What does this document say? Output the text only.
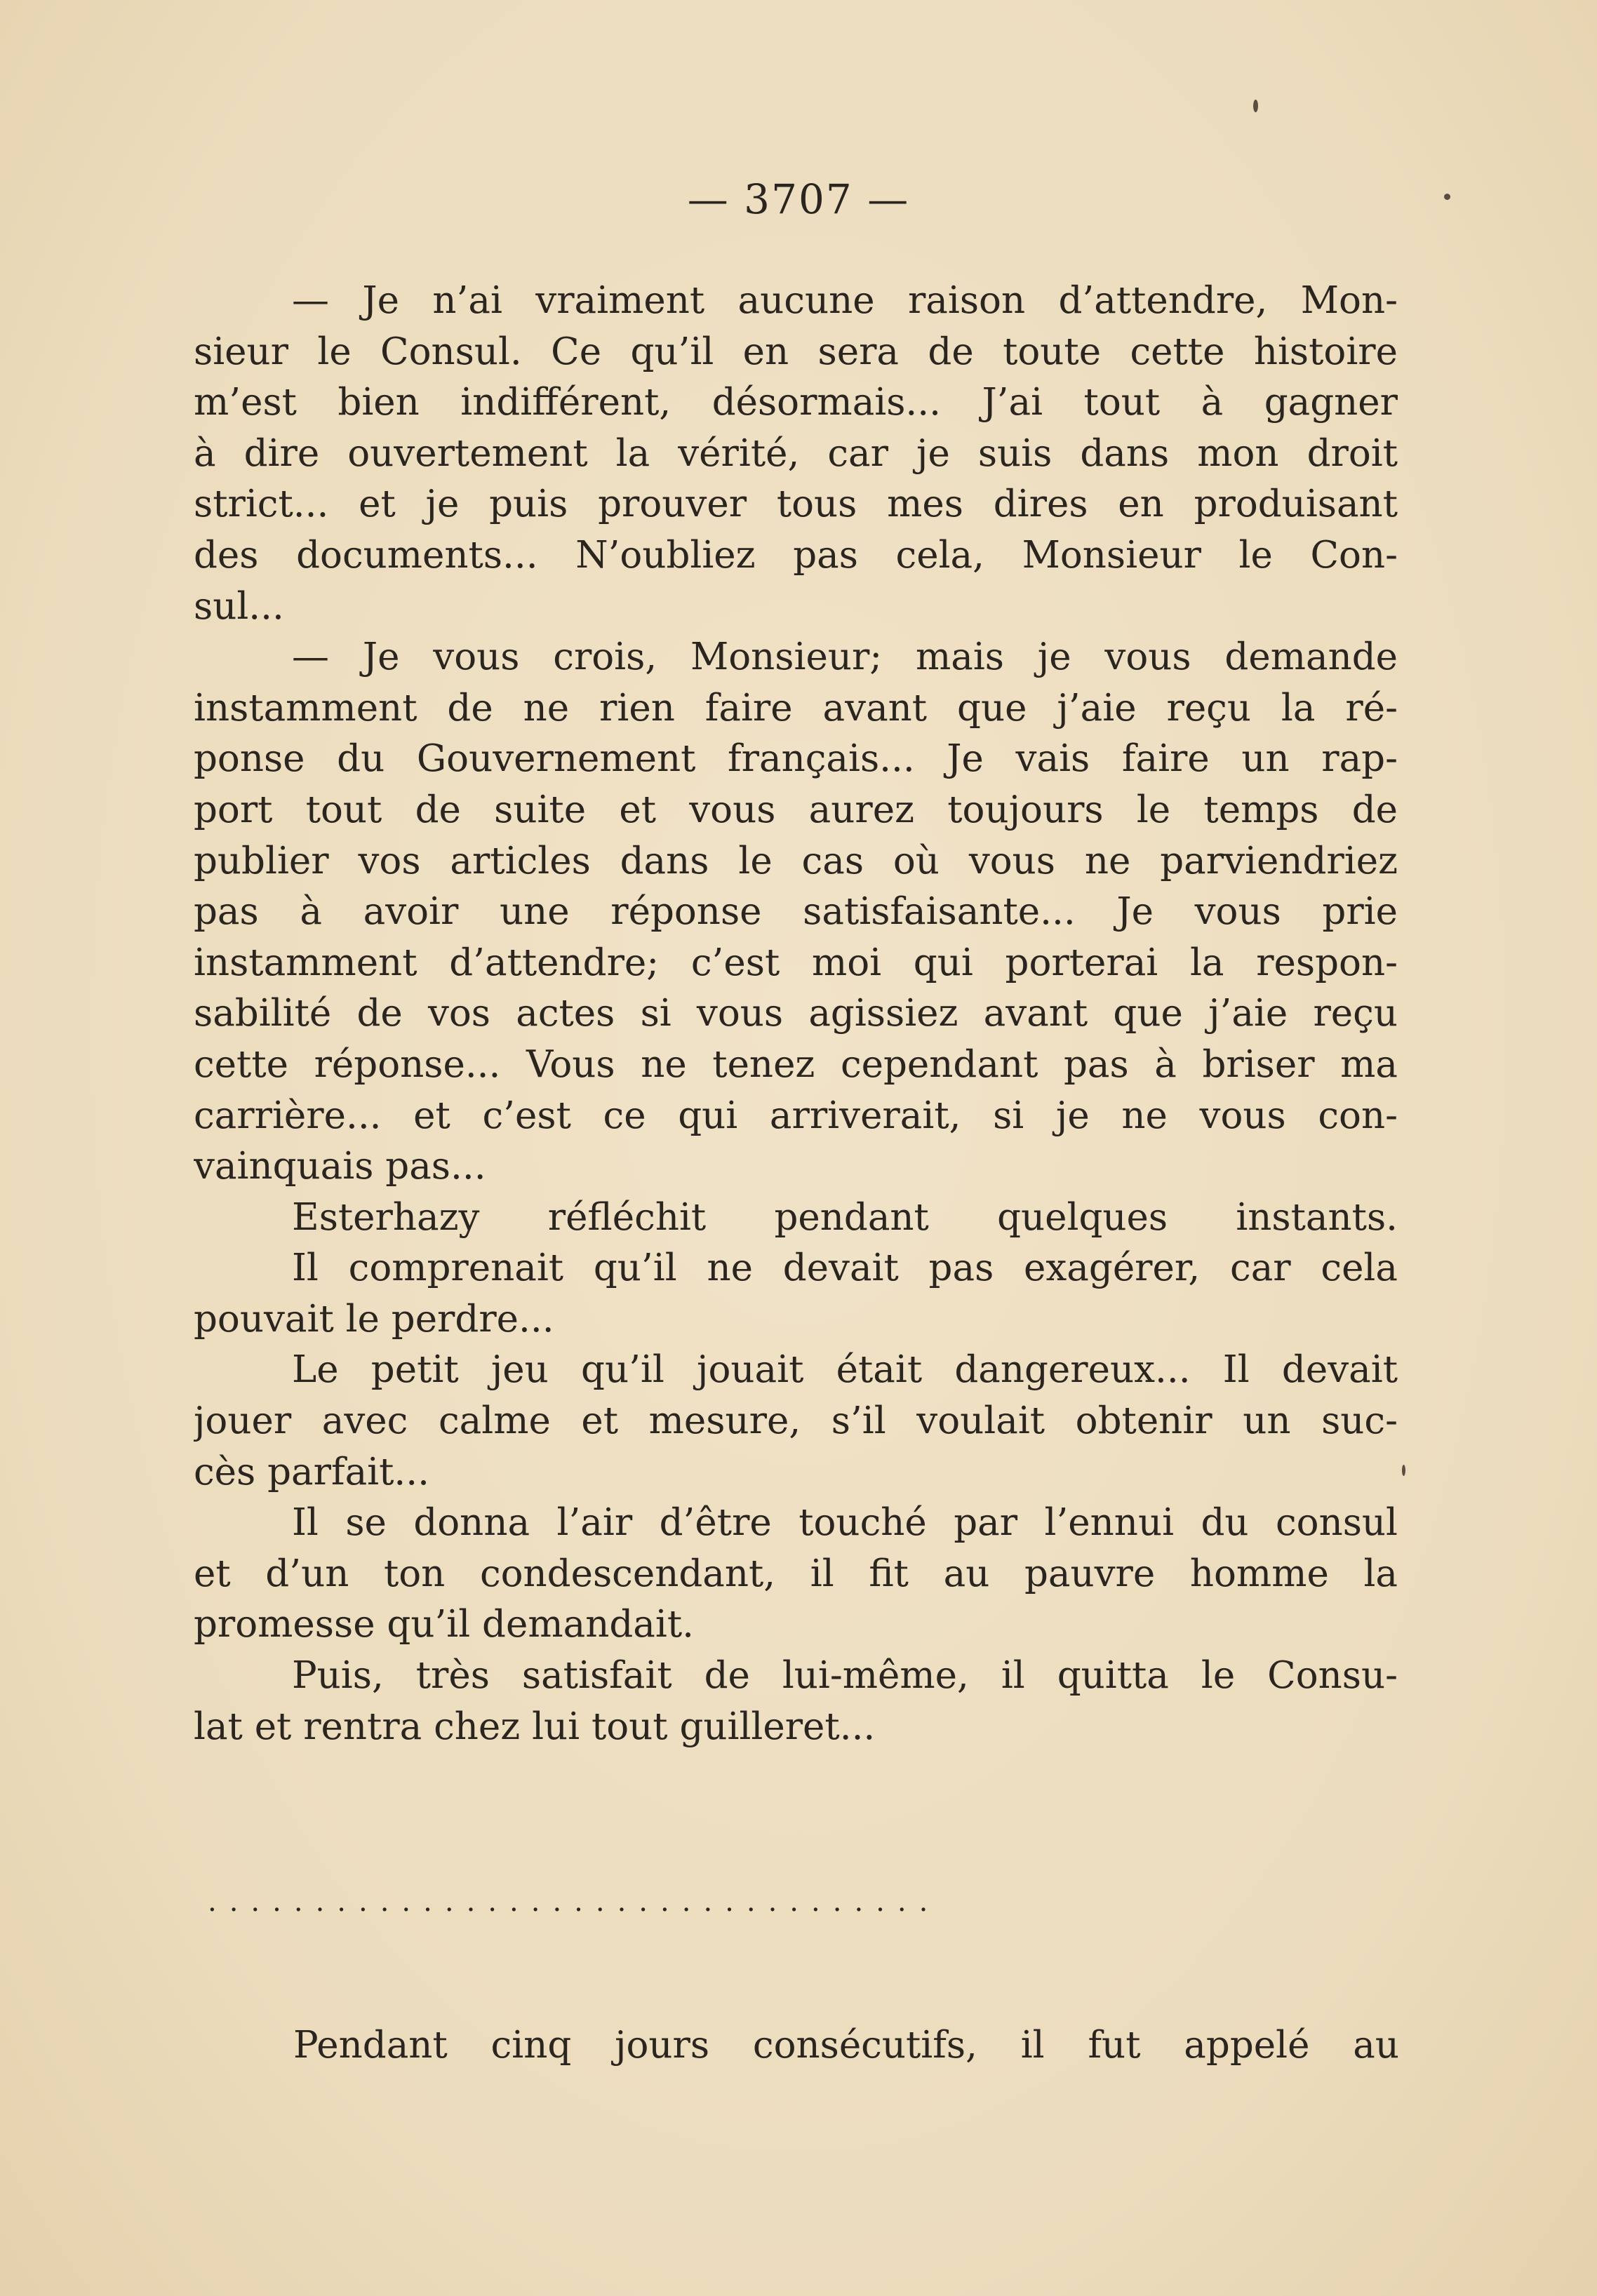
— 3707 —
— Je n’ai vraiment aucune raison d’attendre, Mon-
sieur le Consul. Ce qu’il en sera de toute cette histoire
m’est bien indifférent, désormais... J’ai tout à gagner
à dire ouvertement la vérité, car je suis dans mon droit
strict... et je puis prouver tous mes dires en produisant
des documents... N’oubliez pas cela, Monsieur le Con-
sul...
— Je vous crois, Monsieur; mais je vous demande
instamment de ne rien faire avant que j’aie reçu la ré-
ponse du Gouvernement français... Je vais faire un rap-
port tout de suite et vous aurez toujours le temps de
publier vos articles dans le cas où vous ne parviendriez
pas à avoir une réponse satisfaisante... Je vous prie
instamment d’attendre; c’est moi qui porterai la respon-
sabilité de vos actes si vous agissiez avant que j’aie reçu
cette réponse... Vous ne tenez cependant pas à briser ma
carrière... et c’est ce qui arriverait, si je ne vous con-
vainquais pas...
Esterhazy réfléchit pendant quelques instants.
Il comprenait qu’il ne devait pas exagérer, car cela
pouvait le perdre...
Le petit jeu qu’il jouait était dangereux... Il devait
jouer avec calme et mesure, s’il voulait obtenir un suc-
cès parfait...
Il se donna l’air d’être touché par l’ennui du consul
et d’un ton condescendant, il fit au pauvre homme la
promesse qu’il demandait.
Puis, très satisfait de lui-même, il quitta le Consu-
lat et rentra chez lui tout guilleret...
..................................
Pendant cinq jours consécutifs, il fut appelé au
